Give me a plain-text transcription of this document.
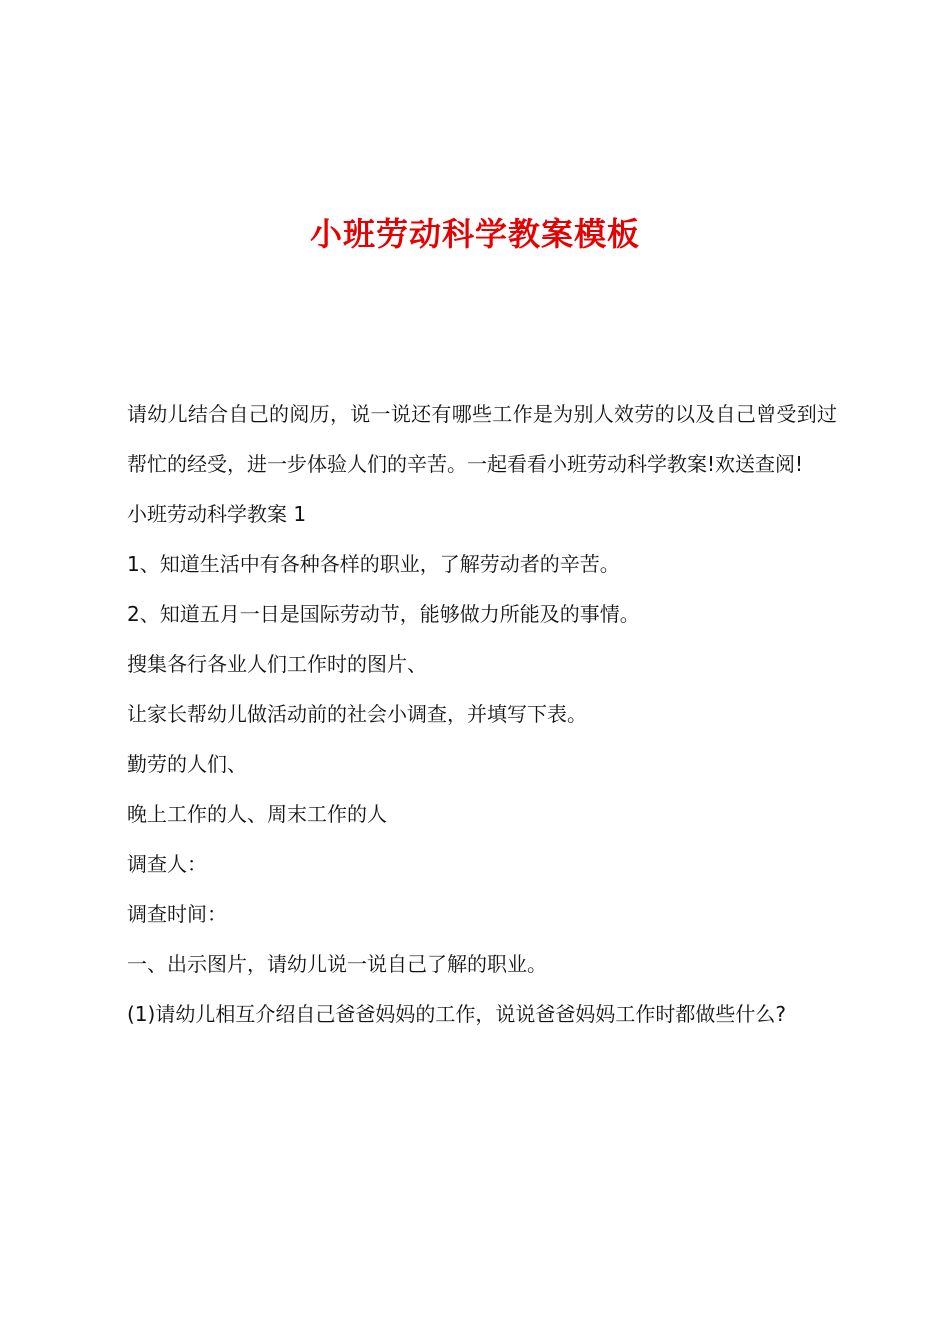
小班劳动科学教案模板

请幼儿结合自己的阅历，说一说还有哪些工作是为别人效劳的以及自己曾受到过帮忙的经受，进一步体验人们的辛苦。一起看看小班劳动科学教案!欢送查阅!

小班劳动科学教案 1

1、知道生活中有各种各样的职业，了解劳动者的辛苦。

2、知道五月一日是国际劳动节，能够做力所能及的事情。

搜集各行各业人们工作时的图片、

让家长帮幼儿做活动前的社会小调查，并填写下表。

勤劳的人们、

晚上工作的人、周末工作的人

调查人：

调查时间：

一、出示图片，请幼儿说一说自己了解的职业。

(1)请幼儿相互介绍自己爸爸妈妈的工作，说说爸爸妈妈工作时都做些什么?
